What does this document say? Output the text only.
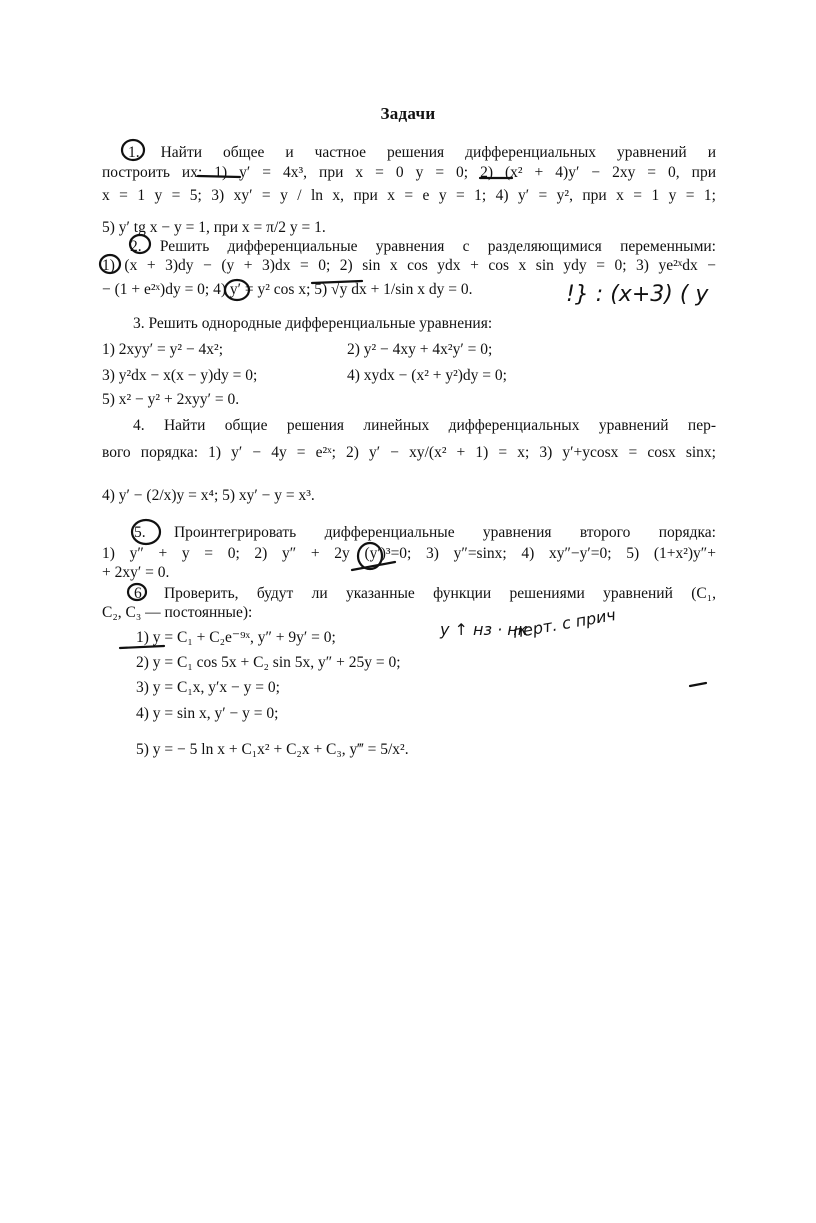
Задачи
1. Найти общее и частное решения дифференциальных уравнений и
построить их: 1) y′ = 4x³, при x = 0 y = 0; 2) (x² + 4)y′ − 2xy = 0, при
x = 1 y = 5; 3) xy′ = y / ln x, при x = e y = 1; 4) y′ = y², при x = 1 y = 1;
5) y′ tg x − y = 1, при x = π/2 y = 1.
2. Решить дифференциальные уравнения с разделяющимися переменными:
1) (x + 3)dy − (y + 3)dx = 0; 2) sin x cos ydx + cos x sin ydy = 0; 3) ye²ˣdx −
− (1 + e²ˣ)dy = 0; 4) y′ = y² cos x; 5) √y dx + 1/sin x dy = 0.
3. Решить однородные дифференциальные уравнения:
1) 2xyy′ = y² − 4x²;	2) y² − 4xy + 4x²y′ = 0;
3) y²dx − x(x − y)dy = 0;	4) xydx − (x² + y²)dy = 0;
5) x² − y² + 2xyy′ = 0.
4. Найти общие решения линейных дифференциальных уравнений пер-
вого порядка: 1) y′ − 4y = e²ˣ; 2) y′ − xy/(x² + 1) = x; 3) y′+ycosx = cosx sinx;
4) y′ − (2/x)y = x⁴; 5) xy′ − y = x³.
5. Проинтегрировать дифференциальные уравнения второго порядка:
1) y″ + y = 0; 2) y″ + 2y (y′)³=0; 3) y″=sinx; 4) xy″−y′=0; 5) (1+x²)y″+
+ 2xy′ = 0.
6. Проверить, будут ли указанные функции решениями уравнений (C₁,
C₂, C₃ — постоянные):
1) y = C₁ + C₂e⁻⁹ˣ, y″ + 9y′ = 0;
2) y = C₁ cos 5x + C₂ sin 5x, y″ + 25y = 0;
3) y = C₁x, y′x − y = 0;
4) y = sin x, y′ − y = 0;
5) y = − 5 ln x + C₁x² + C₂x + C₃, y‴ = 5/x².
!} : (x+3) ( y
y ↑ нз · нк
перт. с прич
